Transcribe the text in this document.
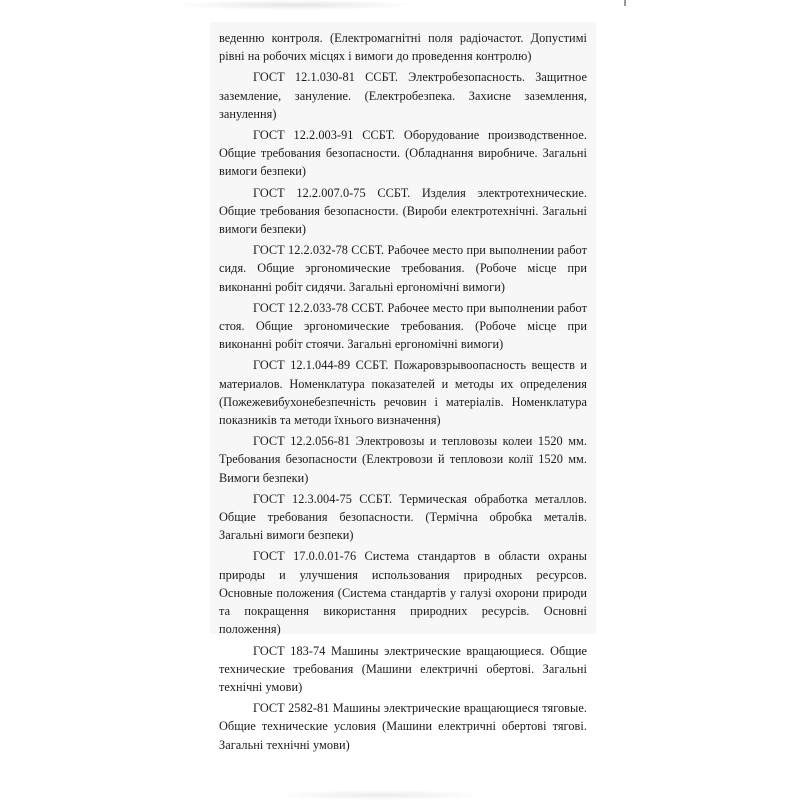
веденню контроля. (Електромагнітні поля радіочастот. Допустимі рівні на робочих місцях і вимоги до проведення контролю)

ГОСТ 12.1.030-81 ССБТ. Электробезопасность. Защитное заземление, зануление. (Електробезпека. Захисне заземлення, занулення)

ГОСТ 12.2.003-91 ССБТ. Оборудование производственное. Общие требования безопасности. (Обладнання виробниче. Загальні вимоги безпеки)

ГОСТ 12.2.007.0-75 ССБТ. Изделия электротехнические. Общие требования безопасности. (Вироби електротехнічні. Загальні вимоги безпеки)

ГОСТ 12.2.032-78 ССБТ. Рабочее место при выполнении работ сидя. Общие эргономические требования. (Робоче місце при виконанні робіт сидячи. Загальні ергономічні вимоги)

ГОСТ 12.2.033-78 ССБТ. Рабочее место при выполнении работ стоя. Общие эргономические требования. (Робоче місце при виконанні робіт стоячи. Загальні ергономічні вимоги)

ГОСТ 12.1.044-89 ССБТ. Пожаровзрывоопасность веществ и материалов. Номенклатура показателей и методы их определения (Пожежевибухонебезпечність речовин і матеріалів. Номенклатура показників та методи їхнього визначення)

ГОСТ 12.2.056-81 Электровозы и тепловозы колеи 1520 мм. Требования безопасности (Електровози й тепловози колії 1520 мм. Вимоги безпеки)

ГОСТ 12.3.004-75 ССБТ. Термическая обработка металлов. Общие требования безопасности. (Термічна обробка металів. Загальні вимоги безпеки)

ГОСТ 17.0.0.01-76 Система стандартов в области охраны природы и улучшения использования природных ресурсов. Основные положения (Система стандартів у галузі охорони природи та покращення використання природних ресурсів. Основні положення)

ГОСТ 183-74 Машины электрические вращающиеся. Общие технические требования (Машини електричні обертові. Загальні технічні умови)

ГОСТ 2582-81 Машины электрические вращающиеся тяговые. Общие технические условия (Машини електричні обертові тягові. Загальні технічні умови)
